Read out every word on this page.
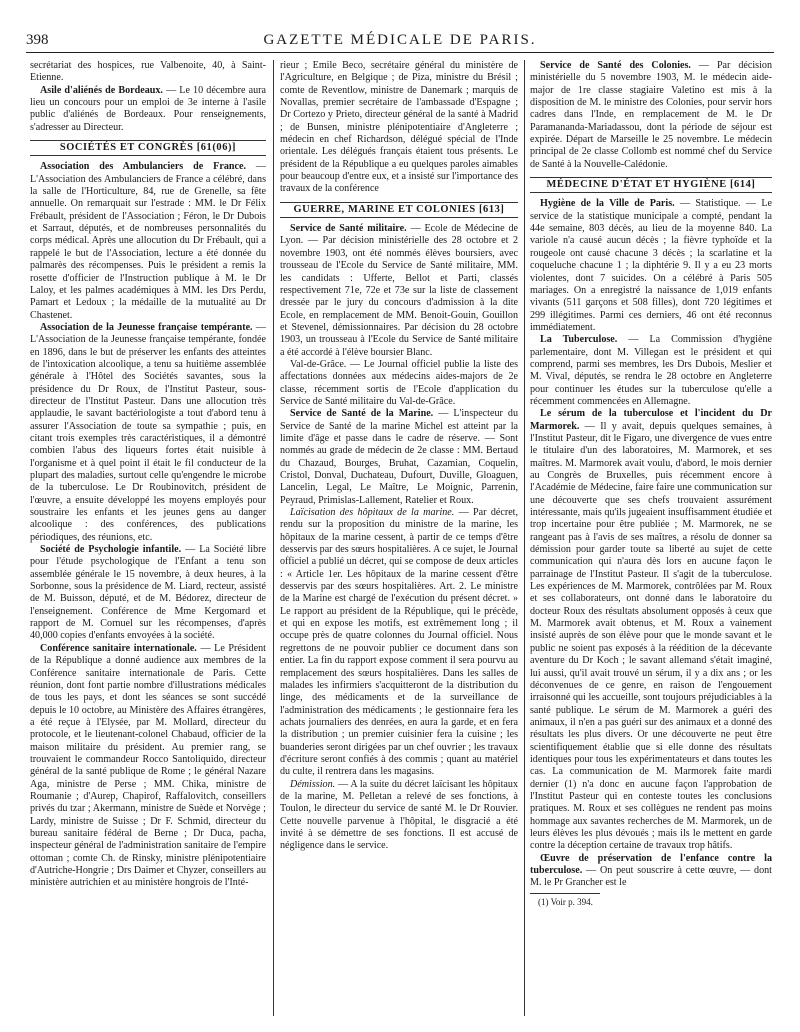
398	GAZETTE MÉDICALE DE PARIS.

secrétariat des hospices, rue Valbenoite, 40, à Saint-Etienne.

Asile d'aliénés de Bordeaux. — Le 10 décembre aura lieu un concours pour un emploi de 3e interne à l'asile public d'aliénés de Bordeaux. Pour renseignements, s'adresser au Directeur.

SOCIÉTÉS ET CONGRÈS [61(06)]

Association des Ambulanciers de France. — L'Association des Ambulanciers de France a célébré, dans la salle de l'Horticulture, 84, rue de Grenelle, sa fête annuelle. On remarquait sur l'estrade : MM. le Dr Félix Frébault, président de l'Association ; Féron, le Dr Dubois et Sarraut, députés, et de nombreuses personnalités du corps médical. Après une allocution du Dr Frébault, qui a rappelé le but de l'Association, lecture a été donnée du palmarès des récompenses. Puis le président a remis la rosette d'officier de l'Instruction publique à M. le Dr Laloy, et les palmes académiques à MM. les Drs Perdu, Pamart et Ledoux ; la médaille de la mutualité au Dr Chastenet.

Association de la Jeunesse française tempérante. — L'Association de la Jeunesse française tempérante, fondée en 1896, dans le but de préserver les enfants des atteintes de l'intoxication alcoolique, a tenu sa huitième assemblée générale à l'Hôtel des Sociétés savantes, sous la présidence du Dr Roux, de l'Institut Pasteur, sous-directeur de l'Institut Pasteur. Dans une allocution très applaudie, le savant bactériologiste a tout d'abord tenu à assurer l'Association de toute sa sympathie ; puis, en citant trois exemples très caractéristiques, il a démontré combien l'abus des liqueurs fortes était nuisible à l'organisme et à quel point il était le fil conducteur de la plupart des maladies, surtout celle qu'engendre le microbe de la tuberculose. Le Dr Roubinovitch, président de l'œuvre, a ensuite développé les moyens employés pour soustraire les enfants et les jeunes gens au danger alcoolique : des conférences, des publications périodiques, des réunions, etc.

Société de Psychologie infantile. — La Société libre pour l'étude psychologique de l'Enfant a tenu son assemblée générale le 15 novembre, à deux heures, à la Sorbonne, sous la présidence de M. Liard, recteur, assisté de M. Buisson, député, et de M. Bédorez, directeur de l'enseignement. Conférence de Mme Kergomard et rapport de M. Cornuel sur les récompenses, d'après 40,000 copies d'enfants envoyées à la société.

Conférence sanitaire internationale. — Le Président de la République a donné audience aux membres de la Conférence sanitaire internationale de Paris. Cette réunion, dont font partie nombre d'illustrations médicales de tous les pays, et dont les séances se sont succédé depuis le 10 octobre, au Ministère des Affaires étrangères, a été reçue à l'Elysée, par M. Mollard, directeur du protocole, et le lieutenant-colonel Chabaud, officier de la maison militaire du président. Au premier rang, se trouvaient le commandeur Rocco Santoliquido, directeur général de la santé publique de Rome ; le général Nazare Aga, ministre de Perse ; MM. Chika, ministre de Roumanie ; d'Aurep, Chapirof, Raffalovitch, conseillers privés du tzar ; Akermann, ministre de Suède et Norvège ; Lardy, ministre de Suisse ; Dr F. Schmid, directeur du bureau sanitaire fédéral de Berne ; Dr Duca, pacha, inspecteur général de l'administration sanitaire de l'empire ottoman ; comte Ch. de Rinsky, ministre plénipotentiaire d'Autriche-Hongrie ; Drs Daimer et Chyzer, conseillers au ministère autrichien et au ministère hongrois de l'Inté-

rieur ; Emile Beco, secrétaire général du ministère de l'Agriculture, en Belgique ; de Piza, ministre du Brésil ; comte de Reventlow, ministre de Danemark ; marquis de Novallas, premier secrétaire de l'ambassade d'Espagne ; Dr Cortezo y Prieto, directeur général de la santé à Madrid ; de Bunsen, ministre plénipotentiaire d'Angleterre ; médecin en chef Richardson, délégué spécial de l'Inde orientale. Les délégués français étaient tous présents. Le président de la République a eu quelques paroles aimables pour beaucoup d'entre eux, et a insisté sur l'importance des travaux de la conférence

GUERRE, MARINE ET COLONIES [613]

Service de Santé militaire. — Ecole de Médecine de Lyon. — Par décision ministérielle des 28 octobre et 2 novembre 1903, ont été nommés élèves boursiers, avec trousseau de l'Ecole du Service de Santé militaire, MM. les candidats : Ufferte, Bellot et Parti, classés respectivement 71e, 72e et 73e sur la liste de classement dressée par le jury du concours d'admission à la dite Ecole, en remplacement de MM. Benoit-Gouin, Gouillon et Stevenel, démissionnaires. Par décision du 28 octobre 1903, un trousseau à l'Ecole du Service de Santé militaire a été accordé à l'élève boursier Blanc.

Val-de-Grâce. — Le Journal officiel publie la liste des affectations données aux médecins aides-majors de 2e classe, récemment sortis de l'Ecole d'application du Service de Santé militaire du Val-de-Grâce.

Service de Santé de la Marine. — L'inspecteur du Service de Santé de la marine Michel est atteint par la limite d'âge et passe dans le cadre de réserve. — Sont nommés au grade de médecin de 2e classe : MM. Bertaud du Chazaud, Bourges, Bruhat, Cazamian, Coquelin, Cristol, Donval, Duchateau, Dufourt, Duville, Gloaguen, Lancelin, Legal, Le Maître, Le Moignic, Parrenin, Peyraud, Primislas-Lallement, Ratelier et Roux.

Laïcisation des hôpitaux de la marine. — Par décret, rendu sur la proposition du ministre de la marine, les hôpitaux de la marine cessent, à partir de ce temps d'être desservis par des sœurs hospitalières. A ce sujet, le Journal officiel a publié un décret, qui se compose de deux articles : « Article 1er. Les hôpitaux de la marine cessent d'être desservis par des sœurs hospitalières. Art. 2. Le ministre de la Marine est chargé de l'exécution du présent décret. » Le rapport au président de la République, qui le précède, et qui en expose les motifs, est extrêmement long ; il occupe près de quatre colonnes du Journal officiel. Nous regrettons de ne pouvoir publier ce document dans son entier. La fin du rapport expose comment il sera pourvu au remplacement des sœurs hospitalières. Dans les salles de malades les infirmiers s'acquitteront de la distribution du linge, des médicaments et de la surveillance de l'administration des médicaments ; le gestionnaire fera les achats journaliers des denrées, en aura la garde, et en fera la distribution ; un premier cuisinier fera la cuisine ; les buanderies seront dirigées par un chef ouvrier ; les travaux d'écriture seront confiés à des commis ; quant au matériel du culte, il rentrera dans les magasins.

Démission. — A la suite du décret laïcisant les hôpitaux de la marine, M. Pelletan a relevé de ses fonctions, à Toulon, le directeur du service de santé M. le Dr Rouvier. Cette nouvelle parvenue à l'hôpital, le disgracié a été invité à se démettre de ses fonctions. Il est accusé de négligence dans le service.

Service de Santé des Colonies. — Par décision ministérielle du 5 novembre 1903, M. le médecin aide-major de 1re classe stagiaire Valetino est mis à la disposition de M. le ministre des Colonies, pour servir hors cadres dans l'Inde, en remplacement de M. le Dr Paramananda-Mariadassou, dont la période de séjour est expirée. Départ de Marseille le 25 novembre. Le médecin principal de 2e classe Collomb est nommé chef du Service de Santé à la Nouvelle-Calédonie.

MÉDECINE D'ÉTAT ET HYGIÈNE [614]

Hygiène de la Ville de Paris. — Statistique. — Le service de la statistique municipale a compté, pendant la 44e semaine, 803 décès, au lieu de la moyenne 840. La variole n'a causé aucun décès ; la fièvre typhoïde et la rougeole ont causé chacune 3 décès ; la scarlatine et la coqueluche chacune 1 ; la diphtérie 9. Il y a eu 23 morts violentes, dont 7 suicides. On a célébré à Paris 505 mariages. On a enregistré la naissance de 1,019 enfants vivants (511 garçons et 508 filles), dont 720 légitimes et 299 illégitimes. Parmi ces derniers, 46 ont été reconnus immédiatement.

La Tuberculose. — La Commission d'hygiène parlementaire, dont M. Villegan est le président et qui comprend, parmi ses membres, les Drs Dubois, Meslier et M. Vival, députés, se rendra le 28 octobre en Angleterre pour continuer les études sur la tuberculose qu'elle a récemment commencées en Allemagne.

Le sérum de la tuberculose et l'incident du Dr Marmorek. — Il y avait, depuis quelques semaines, à l'Institut Pasteur, dit le Figaro, une divergence de vues entre le titulaire d'un des laboratoires, M. Marmorek, et ses maîtres. M. Marmorek avait voulu, d'abord, le mois dernier au Congrès de Bruxelles, puis récemment encore à l'Académie de Médecine, faire faire une communication sur une découverte que ses chefs trouvaient assurément intéressante, mais qu'ils jugeaient insuffisamment étudiée et trop incertaine pour être publiée ; M. Marmorek, ne se rangeant pas à l'avis de ses maîtres, a résolu de donner sa démission pour garder toute sa liberté au sujet de cette communication qui n'aura dès lors en aucune façon le parrainage de l'Institut Pasteur. Il s'agit de la tuberculose. Les expériences de M. Marmorek, contrôlées par M. Roux et ses collaborateurs, ont donné dans le laboratoire du docteur Roux des résultats absolument opposés à ceux que M. Marmorek avait obtenus, et M. Roux a vainement insisté auprès de son élève pour que le monde savant et le public ne soient pas exposés à la réédition de la décevante aventure du Dr Koch ; le savant allemand s'était imaginé, lui aussi, qu'il avait trouvé un sérum, il y a dix ans ; or les déconvenues de ce genre, en raison de l'engouement irraisonné qui les accueille, sont toujours préjudiciables à la santé publique. Le sérum de M. Marmorek a guéri des animaux, il n'en a pas guéri sur des animaux et a donné des résultats les plus divers. Or une découverte ne peut être scientifiquement établie que si elle donne des résultats identiques pour tous les expérimentateurs et dans toutes les cas. La communication de M. Marmorek faite mardi dernier (1) n'a donc en aucune façon l'approbation de l'Institut Pasteur qui en conteste toutes les conclusions pratiques. M. Roux et ses collègues ne rendent pas moins hommage aux savantes recherches de M. Marmorek, un de leurs élèves les plus dévoués ; mais ils le mettent en garde contre la déception certaine de travaux trop hâtifs.

Œuvre de préservation de l'enfance contre la tuberculose. — On peut souscrire à cette œuvre, — dont M. le Pr Grancher est le

(1) Voir p. 394.
